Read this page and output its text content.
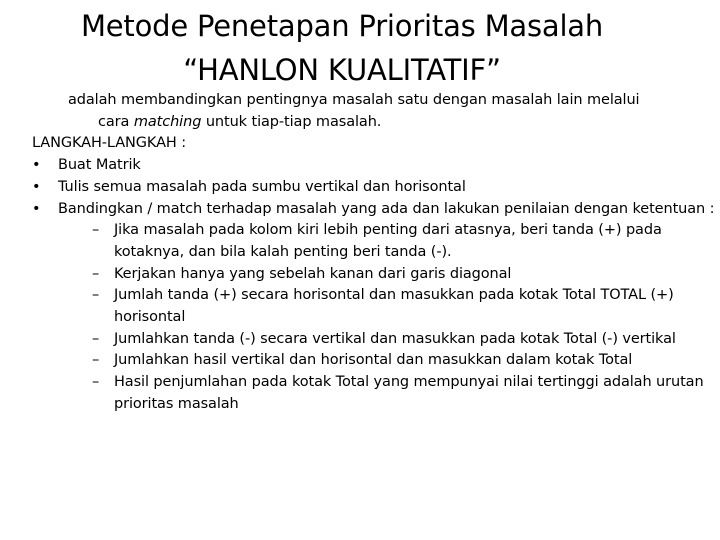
Metode Penetapan Prioritas Masalah
“HANLON KUALITATIF”
adalah membandingkan pentingnya masalah satu dengan masalah lain melalui
cara matching untuk tiap-tiap masalah.
LANGKAH-LANGKAH :
• Buat Matrik
• Tulis semua masalah pada sumbu vertikal dan horisontal
• Bandingkan / match terhadap masalah yang ada dan lakukan penilaian dengan ketentuan :
– Jika masalah pada kolom kiri lebih penting dari atasnya, beri tanda (+) pada kotaknya, dan bila kalah penting beri tanda (-).
– Kerjakan hanya yang sebelah kanan dari garis diagonal
– Jumlah tanda (+) secara horisontal dan masukkan pada kotak Total TOTAL (+) horisontal
– Jumlahkan tanda (-) secara vertikal dan masukkan pada kotak Total (-) vertikal
– Jumlahkan hasil vertikal dan horisontal dan masukkan dalam kotak Total
– Hasil penjumlahan pada kotak Total yang mempunyai nilai tertinggi adalah urutan prioritas masalah
